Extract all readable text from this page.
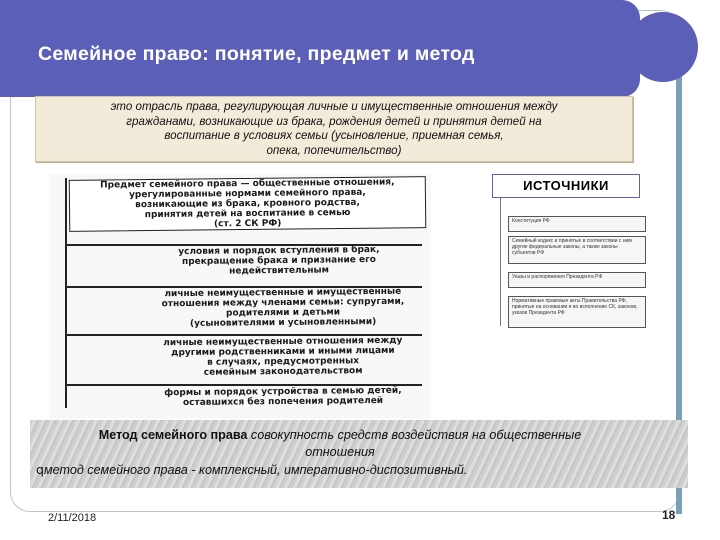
Семейное право: понятие, предмет и метод

это отрасль права, регулирующая личные и имущественные отношения между
гражданами, возникающие из брака, рождения детей и принятия детей на
воспитание в условиях семьи (усыновление, приемная семья,
опека, попечительство)

Предмет семейного права — общественные отношения,
урегулированные нормами семейного права,
возникающие из брака, кровного родства,
принятия детей на воспитание в семью
(ст. 2 СК РФ)
условия и порядок вступления в брак,
прекращение брака и признание его
недействительным
личные неимущественные и имущественные
отношения между членами семьи: супругами,
родителями и детьми
(усыновителями и усыновленными)
личные неимущественные отношения между
другими родственниками и иными лицами
в случаях, предусмотренных
семейным законодательством
формы и порядок устройства в семью детей,
оставшихся без попечения родителей
ИСТОЧНИКИ
Конституция РФ
Семейный кодекс и принятые в соответствии с ним другие федеральные законы, а также законы субъектов РФ
Указы и распоряжения Президента РФ
Нормативные правовые акты Правительства РФ, принятые на основании и во исполнение СК, законов, указов Президента РФ
Метод семейного права совокупность средств воздействия на общественные
отношения
qметод семейного права - комплексный, императивно-диспозитивный.
2/11/2018	18
